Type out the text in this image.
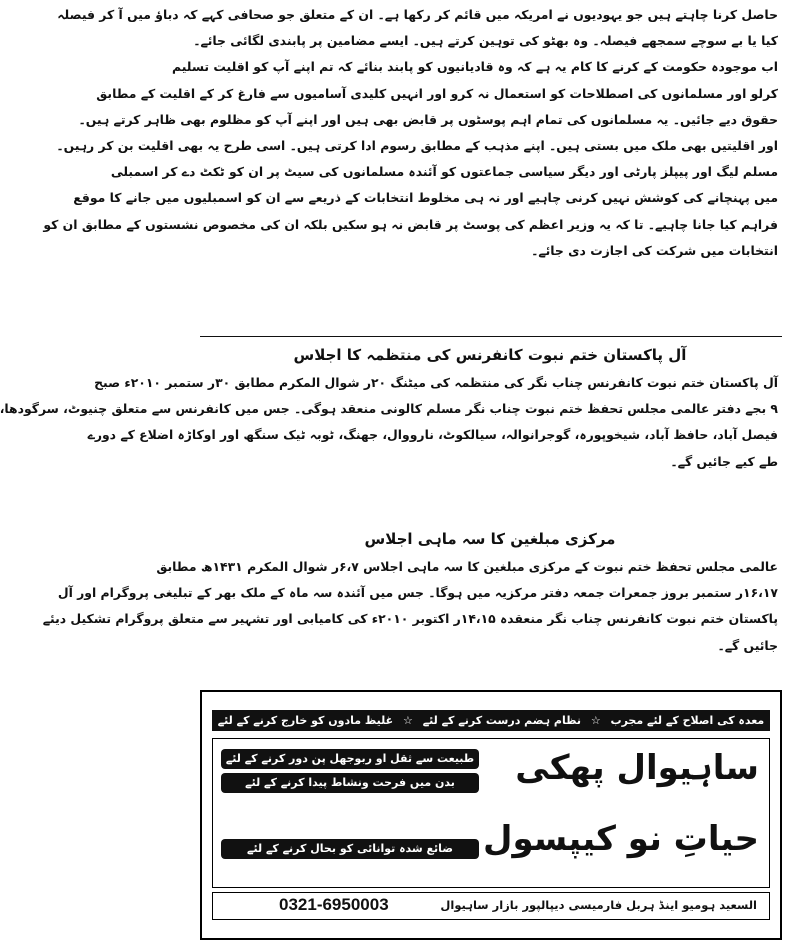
حاصل کرنا چاہتے ہیں جو یہودیوں نے امریکہ میں قائم کر رکھا ہے۔ ان کے متعلق جو صحافی کہے کہ دباؤ میں آ کر فیصلہ
کیا یا بے سوچے سمجھے فیصلہ۔ وہ بھٹو کی توہین کرتے ہیں۔ ایسے مضامین پر پابندی لگائی جائے۔
اب موجودہ حکومت کے کرنے کا کام یہ ہے کہ وہ قادیانیوں کو پابند بنائے کہ تم اپنے آپ کو اقلیت تسلیم
کرلو اور مسلمانوں کی اصطلاحات کو استعمال نہ کرو اور انہیں کلیدی آسامیوں سے فارغ کر کے اقلیت کے مطابق
حقوق دیے جائیں۔ یہ مسلمانوں کی تمام اہم پوسٹوں پر قابض بھی ہیں اور اپنے آپ کو مظلوم بھی ظاہر کرتے ہیں۔
اور اقلیتیں بھی ملک میں بستی ہیں۔ اپنے مذہب کے مطابق رسوم ادا کرتی ہیں۔ اسی طرح یہ بھی اقلیت بن کر رہیں۔
مسلم لیگ اور پیپلز پارٹی اور دیگر سیاسی جماعتوں کو آئندہ مسلمانوں کی سیٹ پر ان کو ٹکٹ دے کر اسمبلی
میں پہنچانے کی کوشش نہیں کرنی چاہیے اور نہ ہی مخلوط انتخابات کے ذریعے سے ان کو اسمبلیوں میں جانے کا موقع
فراہم کیا جانا چاہیے۔ تا کہ یہ وزیر اعظم کی پوسٹ پر قابض نہ ہو سکیں بلکہ ان کی مخصوص نشستوں کے مطابق ان کو
انتخابات میں شرکت کی اجازت دی جائے۔

آل پاکستان ختم نبوت کانفرنس کی منتظمہ کا اجلاس

آل پاکستان ختم نبوت کانفرنس چناب نگر کی منتظمہ کی میٹنگ ۲۰ر شوال المکرم مطابق ۳۰ر ستمبر ۲۰۱۰ء صبح
۹ بجے دفتر عالمی مجلس تحفظ ختم نبوت چناب نگر مسلم کالونی منعقد ہوگی۔ جس میں کانفرنس سے متعلق چنیوٹ، سرگودھا،
فیصل آباد، حافظ آباد، شیخوپورہ، گوجرانوالہ، سیالکوٹ، نارووال، جھنگ، ٹوبہ ٹیک سنگھ اور اوکاڑہ اضلاع کے دورے
طے کیے جائیں گے۔

مرکزی مبلغین کا سہ ماہی اجلاس

عالمی مجلس تحفظ ختم نبوت کے مرکزی مبلغین کا سہ ماہی اجلاس ۶،۷ر شوال المکرم ۱۴۳۱ھ مطابق
۱۶،۱۷ر ستمبر بروز جمعرات جمعہ دفتر مرکزیہ میں ہوگا۔ جس میں آئندہ سہ ماہ کے ملک بھر کے تبلیغی پروگرام اور آل
پاکستان ختم نبوت کانفرنس چناب نگر منعقدہ ۱۴،۱۵ر اکتوبر ۲۰۱۰ء کی کامیابی اور تشہیر سے متعلق پروگرام تشکیل دیئے
جائیں گے۔

معدہ کی اصلاح کے لئے مجرب ☆ نظام ہضم درست کرنے کے لئے ☆ غلیظ مادوں کو خارج کرنے کے لئے
ساہیوال پھکی
طبیعت سے ثقل او ربوجھل پن دور کرنے کے لئے
بدن میں فرحت ونشاط پیدا کرنے کے لئے
حیاتِ نو کیپسول
ضائع شدہ توانائی کو بحال کرنے کے لئے
السعید ہومیو اینڈ ہربل فارمیسی دیپالپور بازار ساہیوال
0321-6950003
